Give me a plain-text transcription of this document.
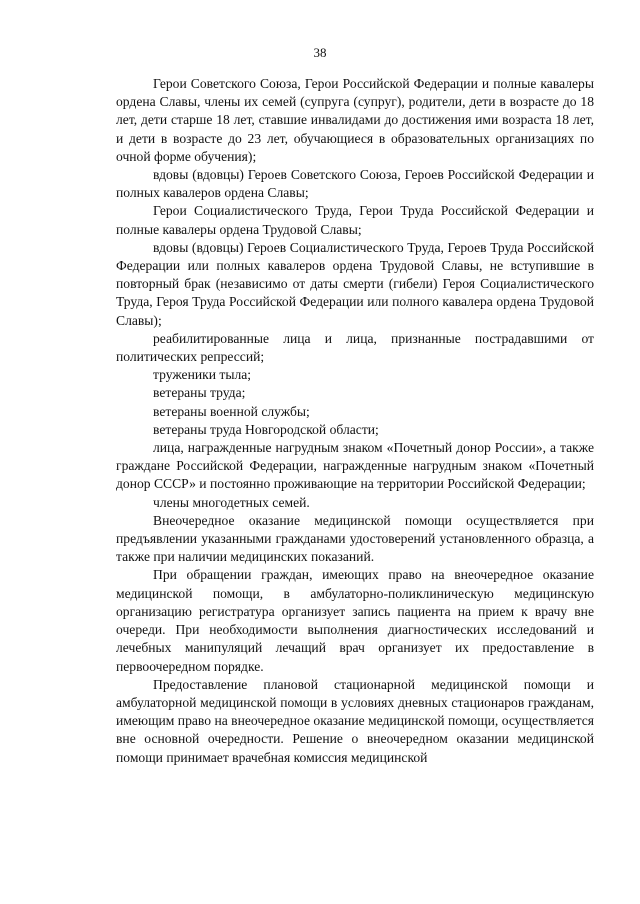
38

Герои Советского Союза, Герои Российской Федерации и полные кавалеры ордена Славы, члены их семей (супруга (супруг), родители, дети в возрасте до 18 лет, дети старше 18 лет, ставшие инвалидами до достижения ими возраста 18 лет, и дети в возрасте до 23 лет, обучающиеся в образовательных организациях по очной форме обучения);

вдовы (вдовцы) Героев Советского Союза, Героев Российской Федерации и полных кавалеров ордена Славы;

Герои Социалистического Труда, Герои Труда Российской Федерации и полные кавалеры ордена Трудовой Славы;

вдовы (вдовцы) Героев Социалистического Труда, Героев Труда Российской Федерации или полных кавалеров ордена Трудовой Славы, не вступившие в повторный брак (независимо от даты смерти (гибели) Героя Социалистического Труда, Героя Труда Российской Федерации или полного кавалера ордена Трудовой Славы);

реабилитированные лица и лица, признанные пострадавшими от политических репрессий;

труженики тыла;

ветераны труда;

ветераны военной службы;

ветераны труда Новгородской области;

лица, награжденные нагрудным знаком «Почетный донор России», а также граждане Российской Федерации, награжденные нагрудным знаком «Почетный донор СССР» и постоянно проживающие на территории Российской Федерации;

члены многодетных семей.

Внеочередное оказание медицинской помощи осуществляется при предъявлении указанными гражданами удостоверений установленного образца, а также при наличии медицинских показаний.

При обращении граждан, имеющих право на внеочередное оказание медицинской помощи, в амбулаторно-поликлиническую медицинскую организацию регистратура организует запись пациента на прием к врачу вне очереди. При необходимости выполнения диагностических исследований и лечебных манипуляций лечащий врач организует их предоставление в первоочередном порядке.

Предоставление плановой стационарной медицинской помощи и амбулаторной медицинской помощи в условиях дневных стационаров гражданам, имеющим право на внеочередное оказание медицинской помощи, осуществляется вне основной очередности. Решение о внеочередном оказании медицинской помощи принимает врачебная комиссия медицинской
